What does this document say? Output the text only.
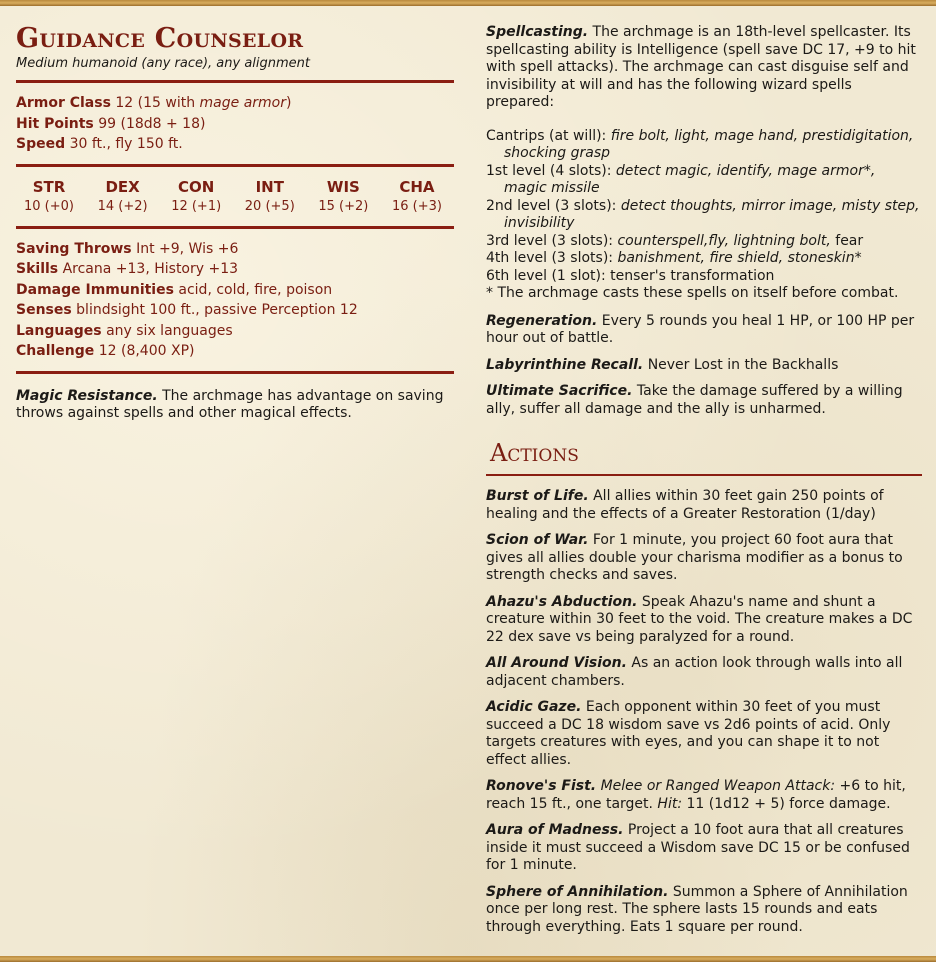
Guidance Counselor
Medium humanoid (any race), any alignment
Armor Class 12 (15 with mage armor)
Hit Points 99 (18d8 + 18)
Speed 30 ft., fly 150 ft.
STR
10 (+0)
DEX
14 (+2)
CON
12 (+1)
INT
20 (+5)
WIS
15 (+2)
CHA
16 (+3)
Saving Throws Int +9, Wis +6
Skills Arcana +13, History +13
Damage Immunities acid, cold, fire, poison
Senses blindsight 100 ft., passive Perception 12
Languages any six languages
Challenge 12 (8,400 XP)
Magic Resistance. The archmage has advantage on saving throws against spells and other magical effects.
Spellcasting. The archmage is an 18th-level spellcaster. Its spellcasting ability is Intelligence (spell save DC 17, +9 to hit with spell attacks). The archmage can cast disguise self and invisibility at will and has the following wizard spells prepared:
Cantrips (at will): fire bolt, light, mage hand, prestidigitation, shocking grasp
1st level (4 slots): detect magic, identify, mage armor*, magic missile
2nd level (3 slots): detect thoughts, mirror image, misty step, invisibility
3rd level (3 slots): counterspell,fly, lightning bolt, fear
4th level (3 slots): banishment, fire shield, stoneskin*
6th level (1 slot): tenser's transformation
* The archmage casts these spells on itself before combat.
Regeneration. Every 5 rounds you heal 1 HP, or 100 HP per hour out of battle.
Labyrinthine Recall. Never Lost in the Backhalls
Ultimate Sacrifice. Take the damage suffered by a willing ally, suffer all damage and the ally is unharmed.
Actions
Burst of Life. All allies within 30 feet gain 250 points of healing and the effects of a Greater Restoration (1/day)
Scion of War. For 1 minute, you project 60 foot aura that gives all allies double your charisma modifier as a bonus to strength checks and saves.
Ahazu's Abduction. Speak Ahazu's name and shunt a creature within 30 feet to the void. The creature makes a DC 22 dex save vs being paralyzed for a round.
All Around Vision. As an action look through walls into all adjacent chambers.
Acidic Gaze. Each opponent within 30 feet of you must succeed a DC 18 wisdom save vs 2d6 points of acid. Only targets creatures with eyes, and you can shape it to not effect allies.
Ronove's Fist. Melee or Ranged Weapon Attack: +6 to hit, reach 15 ft., one target. Hit: 11 (1d12 + 5) force damage.
Aura of Madness. Project a 10 foot aura that all creatures inside it must succeed a Wisdom save DC 15 or be confused for 1 minute.
Sphere of Annihilation. Summon a Sphere of Annihilation once per long rest. The sphere lasts 15 rounds and eats through everything. Eats 1 square per round.
